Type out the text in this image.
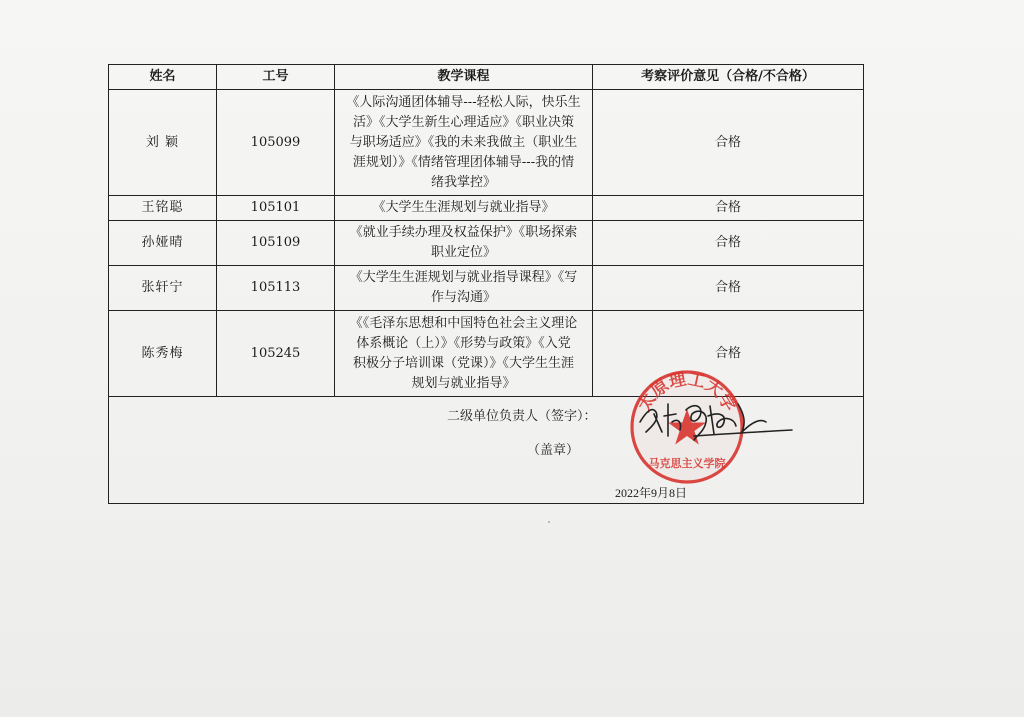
姓名	工号	教学课程	考察评价意见（合格/不合格）
刘 颖	105099	《人际沟通团体辅导---轻松人际，快乐生
活》《大学生新生心理适应》《职业决策
与职场适应》《我的未来我做主（职业生
涯规划）》《情绪管理团体辅导---我的情
绪我掌控》	合格
王铭聪	105101	《大学生生涯规划与就业指导》	合格
孙娅晴	105109	《就业手续办理及权益保护》《职场探索
职业定位》	合格
张轩宁	105113	《大学生生涯规划与就业指导课程》《写
作与沟通》	合格
陈秀梅	105245	《《毛泽东思想和中国特色社会主义理论
体系概论（上）》《形势与政策》《入党
积极分子培训课（党课）》《大学生生涯
规划与就业指导》	合格

二级单位负责人（签字）：
（盖章）
2022年9月8日			
太原理工大学
马克思主义学院
